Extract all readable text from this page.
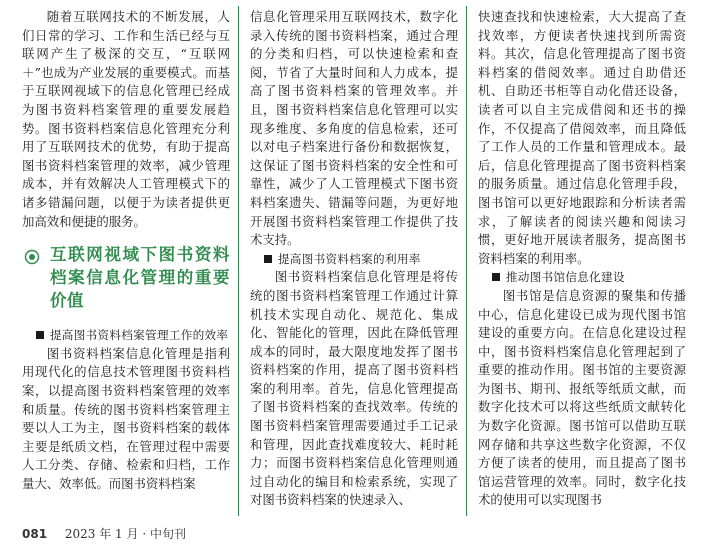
随着互联网技术的不断发展，人们日常的学习、工作和生活已经与互联网产生了极深的交互，“互联网＋”也成为产业发展的重要模式。而基于互联网视域下的信息化管理已经成为图书资料档案管理的重要发展趋势。图书资料档案信息化管理充分利用了互联网技术的优势，有助于提高图书资料档案管理的效率，减少管理成本，并有效解决人工管理模式下的诸多错漏问题，以便于为读者提供更加高效和便捷的服务。

互联网视域下图书资料档案信息化管理的重要价值

提高图书资料档案管理工作的效率

图书资料档案信息化管理是指利用现代化的信息技术管理图书资料档案，以提高图书资料档案管理的效率和质量。传统的图书资料档案管理主要以人工为主，图书资料档案的载体主要是纸质文档，在管理过程中需要人工分类、存储、检索和归档，工作量大、效率低。而图书资料档案

信息化管理采用互联网技术，数字化录入传统的图书资料档案，通过合理的分类和归档，可以快速检索和查阅，节省了大量时间和人力成本，提高了图书资料档案的管理效率。并且，图书资料档案信息化管理可以实现多维度、多角度的信息检索，还可以对电子档案进行备份和数据恢复，这保证了图书资料档案的安全性和可靠性，减少了人工管理模式下图书资料档案遗失、错漏等问题，为更好地开展图书资料档案管理工作提供了技术支持。

提高图书资料档案的利用率

图书资料档案信息化管理是将传统的图书资料档案管理工作通过计算机技术实现自动化、规范化、集成化、智能化的管理，因此在降低管理成本的同时，最大限度地发挥了图书资料档案的作用，提高了图书资料档案的利用率。首先，信息化管理提高了图书资料档案的查找效率。传统的图书资料档案管理需要通过手工记录和管理，因此查找难度较大、耗时耗力；而图书资料档案信息化管理则通过自动化的编目和检索系统，实现了对图书资料档案的快速录入、

快速查找和快速检索，大大提高了查找效率，方便读者快速找到所需资料。其次，信息化管理提高了图书资料档案的借阅效率。通过自助借还机、自助还书柜等自动化借还设备，读者可以自主完成借阅和还书的操作，不仅提高了借阅效率，而且降低了工作人员的工作量和管理成本。最后，信息化管理提高了图书资料档案的服务质量。通过信息化管理手段，图书馆可以更好地跟踪和分析读者需求，了解读者的阅读兴趣和阅读习惯，更好地开展读者服务，提高图书资料档案的利用率。

推动图书馆信息化建设

图书馆是信息资源的聚集和传播中心，信息化建设已成为现代图书馆建设的重要方向。在信息化建设过程中，图书资料档案信息化管理起到了重要的推动作用。图书馆的主要资源为图书、期刊、报纸等纸质文献，而数字化技术可以将这些纸质文献转化为数字化资源。图书馆可以借助互联网存储和共享这些数字化资源，不仅方便了读者的使用，而且提高了图书馆运营管理的效率。同时，数字化技术的使用可以实现图书

081 2023 年 1 月 · 中旬刊
